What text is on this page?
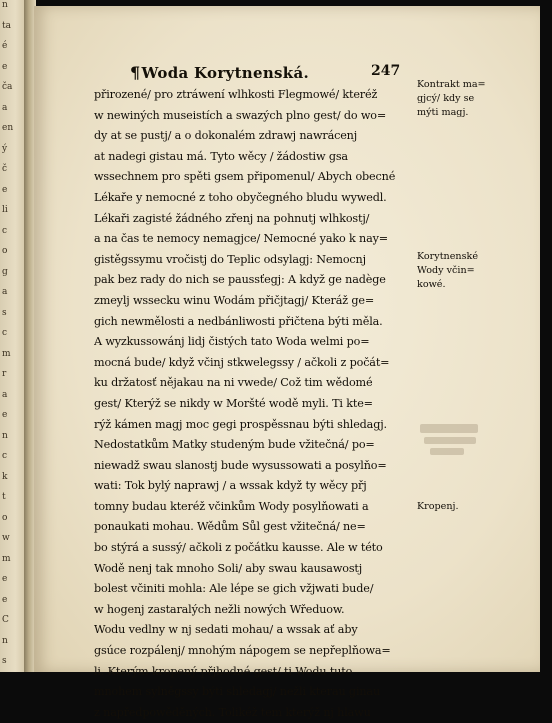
n
ta
é
e
ča
a
en
ý
č
e
li
c
o
g
a
s
c
m
r
a
e
n
c
k
t
o
w
m
e
e
C
n
s
¶Woda Korytnenská.	247
přirozené/ pro ztráwení wlhkosti Flegmowé/ kteréž
w newiných museistích a swazých plno gest/ do wo=
dy at se pustj/ a o dokonalém zdrawj nawrácenj
at nadegi gistau má. Tyto wěcy / žádostiw gsa
wssechnem pro spěti gsem připomenul/ Abych obecné
Lékaře y nemocné z toho obyčegného bludu wywedl.
Lékaři zagisté žádného zřenj na pohnutj wlhkostj/
a na čas te nemocy nemagjce/ Nemocné yako k nay=
gistěgssymu vročistj do Teplic odsylagj: Nemocnj
pak bez rady do nich se paussťegj: A když ge nadège
zmeylj wssecku winu Wodám přičjtagj/ Kteráž ge=
gich newmělosti a nedbánliwosti přičtena býti měla.
A wyzkussowánj lidj čistých tato Woda welmi po=
mocná bude/ když včinj stkwelegssy / ačkoli z počát=
ku držatosť nějakau na ni vwede/ Což tim wědomé
gest/ Kterýž se nikdy w Moršté wodě myli. Ti kte=
rýž kámen magj moc gegi prospěssnau býti shledagj.
Nedostatkům Matky studeným bude vžitečná/ po=
niewadž swau slanostj bude wysussowati a posylňo=
wati: Tok bylý naprawj / a wssak když ty wěcy přj
tomny budau kteréž včinkům Wody posylňowati a
ponaukati mohau. Wědům Sůl gest vžitečná/ ne=
bo stýrá a sussý/ ačkoli z počátku kausse. Ale w této
Wodě nenj tak mnoho Soli/ aby swau kausawostj
bolest včiniti mohla: Ale lépe se gich vžjwati bude/
w hogenj zastaralých nežli nowých Wředuow.
Wodu vedlny w nj sedati mohau/ a wssak ať aby
gsúce rozpálenj/ mnohým nápogem se nepřeplňowa=
li. Kterým kropený přjhodné gest/ ti Wodu tuto
mnohem sylněgssy býti shledagj/ nežli kterau ginau
z napředpowěděných. Tolikéž tem kterýž nj hlawu
Kontrakt ma=
gjcý/ kdy se
mýti magj.
Korytnenské
Wody včin=
kowé.
Kropenj.
